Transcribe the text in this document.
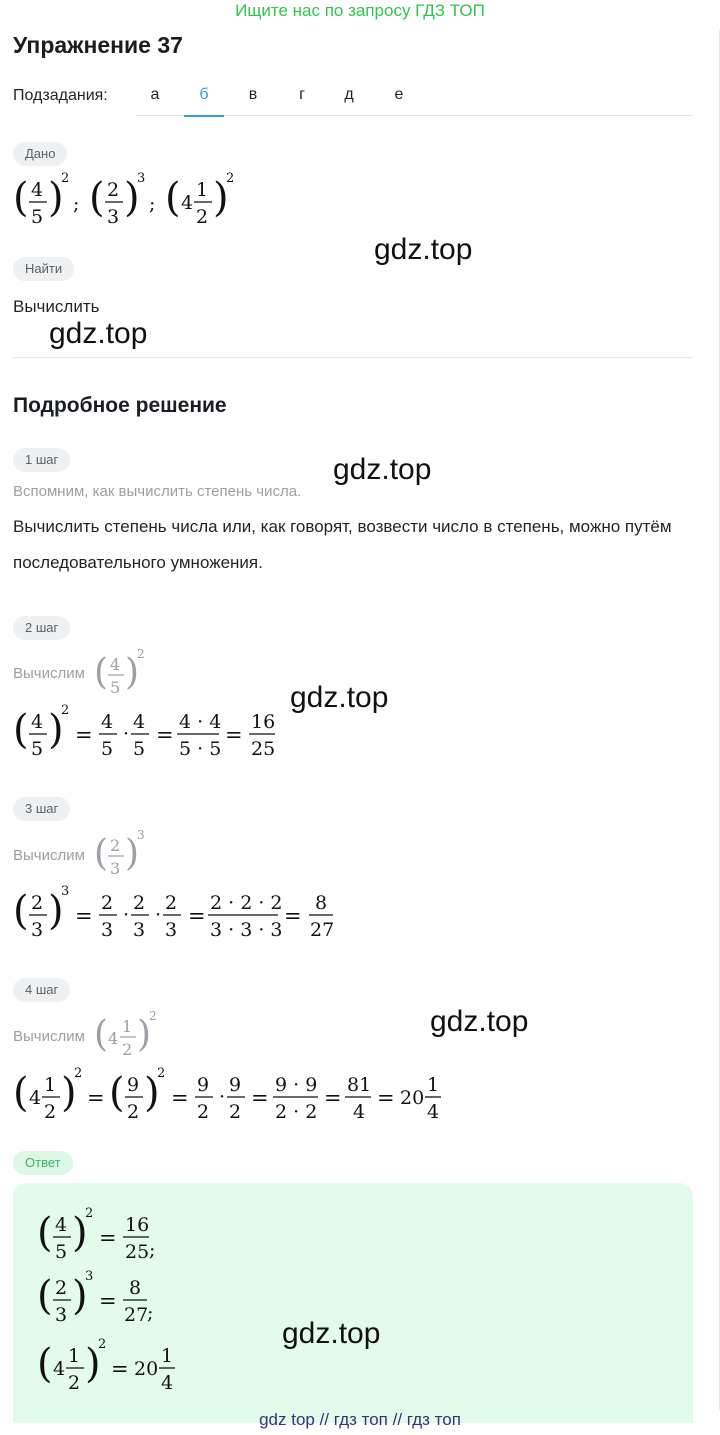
Ищите нас по запросу ГДЗ ТОП
Упражнение 37
Подзадания:	а	б	в	г	д	е
Дано
( 4
5 )
2
; ( 2
3 )
3
; ( 4
1
2 )
2
gdz.top
Найти
Вычислить
gdz.top
Подробное решение
1 шаг
Вспомним, как вычислить степень числа.
Вычислить степень числа или, как говорят, возвести число в степень, можно путём последовательного умножения.
gdz.top
2 шаг
Вычислим ( 4
5 )
2
gdz.top
( 4
5 )
2
=
4
5
·
4
5
=
4 · 4
5 · 5
=
16
25
3 шаг
Вычислим ( 2
3 )
3
( 2
3 )
3
=
2
3
·
2
3
·
2
3
=
2 · 2 · 2
3 · 3 · 3
=
8
27
4 шаг
Вычислим ( 4
1
2 )
2	gdz.top
( 4
1
2 )
2
= ( 9
2 )
2
=
9
2
·
9
2
=
9 · 9
2 · 2
=
81
4
= 20
1
4
Ответ
( 4
5 )
2
=
16
25 ;
( 2
3 )
3
=
8
27
;
( 4
1
2 )
2
= 20
1
4
gdz.top
gdz top // гдз топ // гдз топ
